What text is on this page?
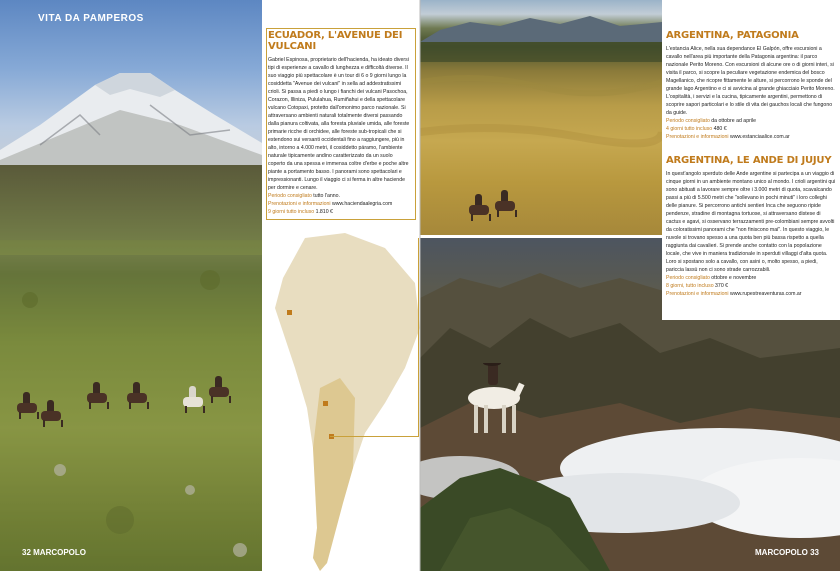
VITA DA PAMPEROS
ECUADOR, L'AVENUE DEI VULCANI

Gabriel Espinosa, proprietario dell'hacienda, ha ideato diversi tipi di esperienze a cavallo di lunghezza e difficoltà diverse. Il suo viaggio più spettacolare è un tour di 6 o 9 giorni lungo la cosiddetta "Avenue dei vulcani" in sella ad addestratissimi crioli. Si passa a piedi o lungo i fianchi dei vulcani Pasochoa, Corazon, Illiniza, Pululahua, Rumiñahui e della spettacolare vulcano Cotopaxi, protetto dall'omonimo parco nazionale. Si attraversano ambienti naturali totalmente diversi passando dalla pianura coltivata, alla foresta pluviale umida, alle foreste primarie ricche di orchidee, alle foreste sub-tropicali che si estendono sui versanti occidentali fino a raggiungere, più in alto, intorno a 4.000 metri, il cosiddetto páramo, l'ambiente naturale tipicamente andino caratterizzato da un suolo coperto da una spessa e immensa coltre d'erbe e poche altre piante a portamento basso. I panorami sono spettacolari e impressionanti. Lungo il viaggio ci si ferma in altre haciende per dormire e cenare.

Periodo consigliato tutto l'anno.

Prenotazioni e informazioni www.haciendaalegria.com

9 giorni tutto incluso 1.810 €

32 MARCOPOLO
ARGENTINA, PATAGONIA

L'estancia Alice, nella sua dependance El Galpón, offre escursioni a cavallo nell'area più importante della Patagonia argentina: il parco nazionale Perito Moreno. Con escursioni di alcune ore o di giorni interi, si visita il parco, si scopre la peculiare vegetazione endemica del bosco Magellanico, che ricopre fittamente le alture, si percorrono le sponde del grande lago Argentino e ci si avvicina al grande ghiacciaio Perito Moreno. L'ospitalità, i servizi e la cucina, tipicamente argentini, permettono di scoprire sapori particolari e lo stile di vita dei gauchos locali che fungono da guide.

Periodo consigliato da ottobre ad aprile

4 giorni tutto incluso 480 €

Prenotazioni e informazioni www.estanciaalice.com.ar

ARGENTINA, LE ANDE DI JUJUY

In quest'angolo sperduto delle Ande argentine si partecipa a un viaggio di cinque giorni in un ambiente montano unico al mondo. I crioli argentini qui sono abituati a lavorare sempre oltre i 3.000 metri di quota, scavalcando passi a più di 5.500 metri che "sollevano in pochi minuti" i loro colleghi delle pianure. Si percorrono antichi sentieri Inca che seguono ripide pendenze, stradine di montagna tortuose, si attraversano distese di cactus e agavi, si osservano terrazzamenti pre-colombiani sempre avvolti da coloratissimi panorami che "non finiscono mai". In questo viaggio, le nuvole si trovano spesso a una quota ben più bassa rispetto a quella raggiunta dai cavalieri. Si prende anche contatto con la popolazione locale, che vive in maniera tradizionale in sperduti villaggi d'alta quota. Loro si spostano solo a cavallo, con asini o, molto spesso, a piedi, pariccia lassù non ci sono strade carrozzabili.

Periodo consigliato ottobre e novembre

8 giorni, tutto incluso 370 €

Prenotazioni e informazioni www.rupestreaventuras.com.ar

MARCOPOLO 33
